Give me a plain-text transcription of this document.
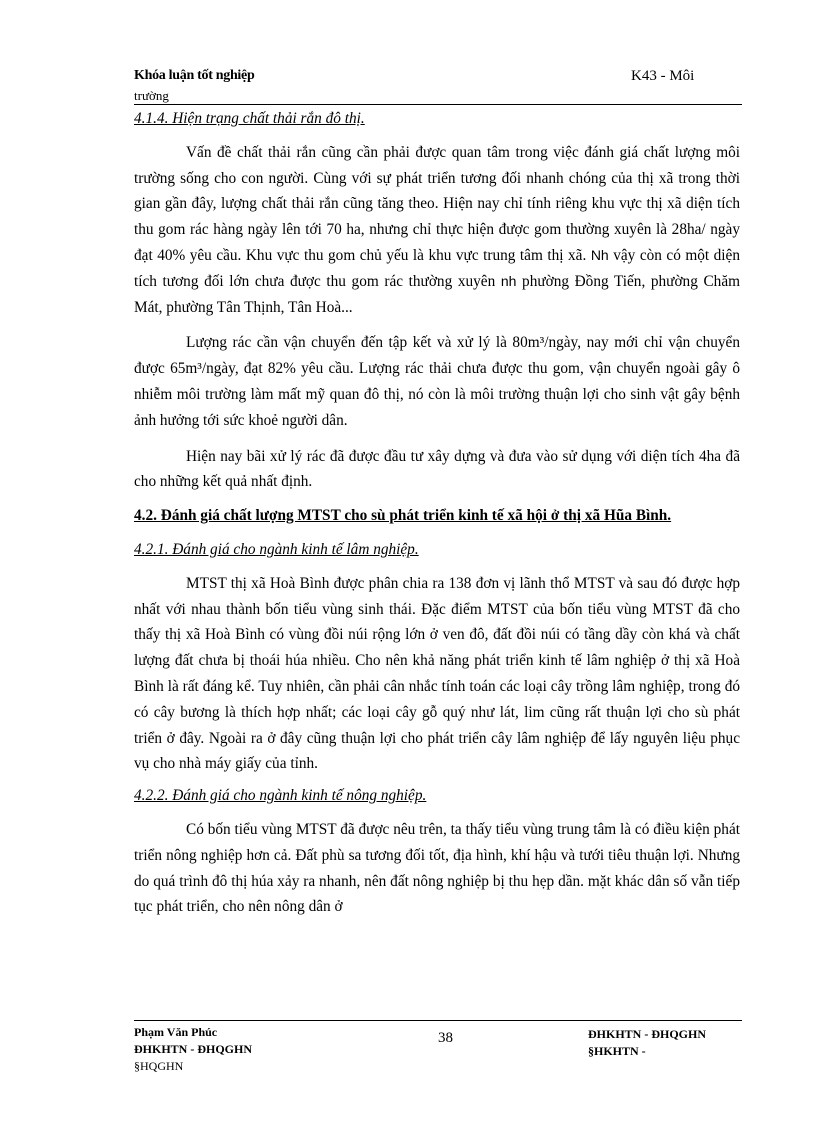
Khóa luận tốt nghiệp
trường
K43 - Môi
4.1.4. Hiện trạng chất thải rắn đô thị.

Vấn đề chất thải rắn cũng cần phải được quan tâm trong việc đánh giá chất lượng môi trường sống cho con người. Cùng với sự phát triển tương đối nhanh chóng của thị xã trong thời gian gần đây, lượng chất thải rắn cũng tăng theo. Hiện nay chỉ tính riêng khu vực thị xã diện tích thu gom rác hàng ngày lên tới 70 ha, nhưng chỉ thực hiện được gom thường xuyên là 28ha/ ngày đạt 40% yêu cầu. Khu vực thu gom chủ yếu là khu vực trung tâm thị xã. Nh vậy còn có một diện tích tương đối lớn chưa được thu gom rác thường xuyên nh phường Đồng Tiến, phường Chăm Mát, phường Tân Thịnh, Tân Hoà...

Lượng rác cần vận chuyển đến tập kết và xử lý là 80m³/ngày, nay mới chỉ vận chuyển được 65m³/ngày, đạt 82% yêu cầu. Lượng rác thải chưa được thu gom, vận chuyển ngoài gây ô nhiễm môi trường làm mất mỹ quan đô thị, nó còn là môi trường thuận lợi cho sinh vật gây bệnh ảnh hưởng tới sức khoẻ người dân.

Hiện nay bãi xử lý rác đã được đầu tư xây dựng và đưa vào sử dụng với diện tích 4ha đã cho những kết quả nhất định.

4.2. Đánh giá chất lượng MTST cho sù phát triển kinh tế xã hội ở thị xã Hũa Bình.
4.2.1. Đánh giá cho ngành kinh tế lâm nghiệp.

MTST thị xã Hoà Bình được phân chia ra 138 đơn vị lãnh thổ MTST và sau đó được hợp nhất với nhau thành bốn tiểu vùng sinh thái. Đặc điểm MTST của bốn tiểu vùng MTST đã cho thấy thị xã Hoà Bình có vùng đồi núi rộng lớn ở ven đô, đất đồi núi có tầng dầy còn khá và chất lượng đất chưa bị thoái húa nhiều. Cho nên khả năng phát triển kinh tế lâm nghiệp ở thị xã Hoà Bình là rất đáng kể. Tuy nhiên, cần phải cân nhắc tính toán các loại cây trồng lâm nghiệp, trong đó có cây bương là thích hợp nhất; các loại cây gỗ quý như lát, lim cũng rất thuận lợi cho sù phát triển ở đây. Ngoài ra ở đây cũng thuận lợi cho phát triển cây lâm nghiệp để lấy nguyên liệu phục vụ cho nhà máy giấy của tỉnh.

4.2.2. Đánh giá cho ngành kinh tế nông nghiệp.

Có bốn tiểu vùng MTST đã được nêu trên, ta thấy tiểu vùng trung tâm là có điều kiện phát triển nông nghiệp hơn cả. Đất phù sa tương đối tốt, địa hình, khí hậu và tưới tiêu thuận lợi. Nhưng do quá trình đô thị húa xảy ra nhanh, nên đất nông nghiệp bị thu hẹp dần. mặt khác dân số vẫn tiếp tục phát triển, cho nên nông dân ở

Phạm Văn Phúc
ĐHKHTN - ĐHQGHN
§HQGHN
38	ĐHKHTN - ĐHQGHN
§HKHTN -
